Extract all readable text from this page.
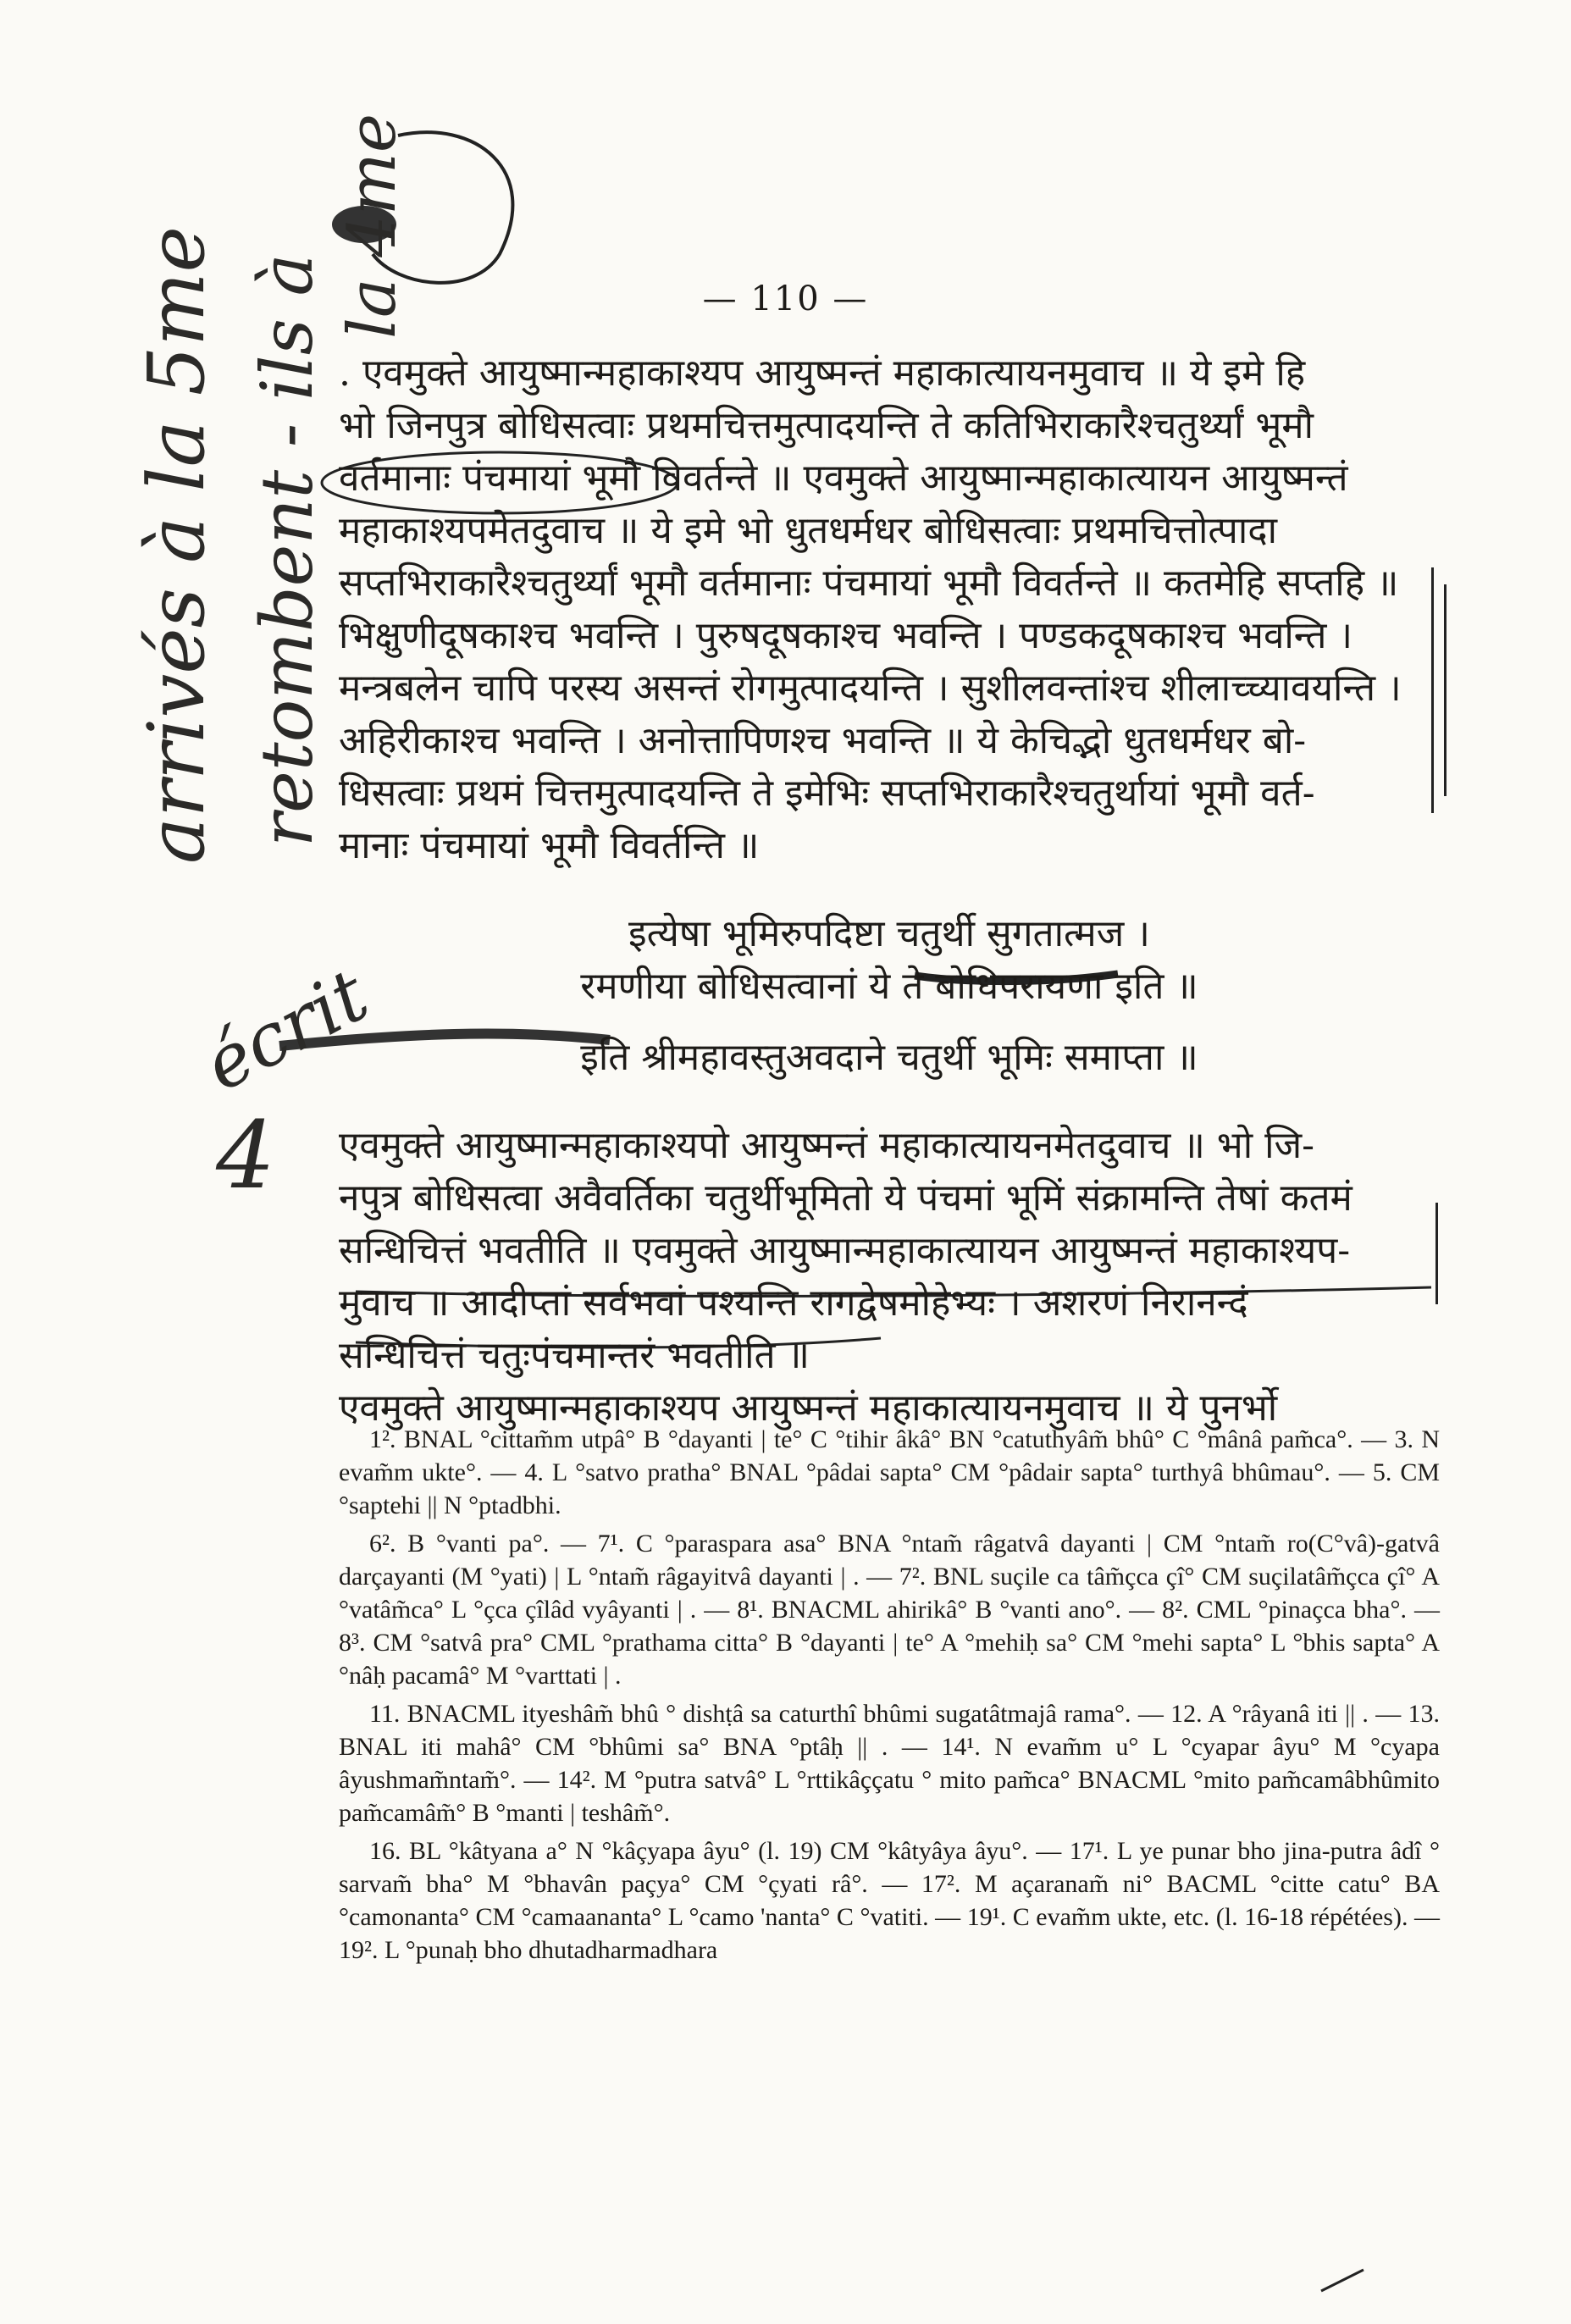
— 110 —
. एवमुक्ते आयुष्मान्महाकाश्यप आयुष्मन्तं महाकात्यायनमुवाच ॥ ये इमे हि
भो जिनपुत्र बोधिसत्वाः प्रथमचित्तमुत्पादयन्ति ते कतिभिराकारैश्चतुर्थ्यां भूमौ
वर्तमानाः पंचमायां भूमौ विवर्तन्ते ॥ एवमुक्ते आयुष्मान्महाकात्यायन आयुष्मन्तं
महाकाश्यपमेतदुवाच ॥ ये इमे भो धुतधर्मधर बोधिसत्वाः प्रथमचित्तोत्पादा
सप्तभिराकारैश्चतुर्थ्यां भूमौ वर्तमानाः पंचमायां भूमौ विवर्तन्ते ॥ कतमेहि सप्तहि ॥
भिक्षुणीदूषकाश्च भवन्ति । पुरुषदूषकाश्च भवन्ति । पण्डकदूषकाश्च भवन्ति ।
मन्त्रबलेन चापि परस्य असन्तं रोगमुत्पादयन्ति । सुशीलवन्तांश्च शीलाच्च्यावयन्ति ।
अहिरीकाश्च भवन्ति । अनोत्तापिणश्च भवन्ति ॥ ये केचिद्भो धुतधर्मधर बो-
धिसत्वाः प्रथमं चित्तमुत्पादयन्ति ते इमेभिः सप्तभिराकारैश्चतुर्थायां भूमौ वर्त-
मानाः पंचमायां भूमौ विवर्तन्ति ॥
इत्येषा भूमिरुपदिष्टा चतुर्थी सुगतात्मज ।
रमणीया बोधिसत्वानां ये ते बोधिपरायणा इति ॥
इति श्रीमहावस्तुअवदाने चतुर्थी भूमिः समाप्ता ॥
एवमुक्ते आयुष्मान्महाकाश्यपो आयुष्मन्तं महाकात्यायनमेतदुवाच ॥ भो जि-
नपुत्र बोधिसत्वा अवैवर्तिका चतुर्थीभूमितो ये पंचमां भूमिं संक्रामन्ति तेषां कतमं
सन्धिचित्तं भवतीति ॥ एवमुक्ते आयुष्मान्महाकात्यायन आयुष्मन्तं महाकाश्यप-
मुवाच ॥ आदीप्तां सर्वभवां पश्यन्ति रागद्वेषमोहेभ्यः । अशरणं निरानन्दं
सन्धिचित्तं चतुःपंचमान्तरं भवतीति ॥
एवमुक्ते आयुष्मान्महाकाश्यप आयुष्मन्तं महाकात्यायनमुवाच ॥ ये पुनर्भो

1². BNAL °cittam̃m utpâ° B °dayanti | te° C °tihir âkâ° BN °catuthyâm̃ bhû° C °mânâ pam̃ca°. — 3. N evam̃m ukte°. — 4. L °satvo pratha° BNAL °pâdai sapta° CM °pâdair sapta° turthyâ bhûmau°. — 5. CM °saptehi || N °ptadbhi.

6². B °vanti pa°. — 7¹. C °paraspara asa° BNA °ntam̃ râgatvâ dayanti | CM °ntam̃ ro(C°vâ)-gatvâ darçayanti (M °yati) | L °ntam̃ râgayitvâ dayanti | . — 7². BNL suçile ca tâm̃çca çî° CM suçilatâm̃çca çî° A °vatâm̃ca° L °çca çîlâd vyâyanti | . — 8¹. BNACML ahirikâ° B °vanti ano°. — 8². CML °pinaçca bha°. — 8³. CM °satvâ pra° CML °prathama citta° B °dayanti | te° A °mehiḥ sa° CM °mehi sapta° L °bhis sapta° A °nâḥ pacamâ° M °varttati | .

11. BNACML ityeshâm̃ bhû ° dishṭâ sa caturthî bhûmi sugatâtmajâ rama°. — 12. A °râyanâ iti || . — 13. BNAL iti mahâ° CM °bhûmi sa° BNA °ptâḥ || . — 14¹. N evam̃m u° L °cyapar âyu° M °cyapa âyushmam̃ntam̃°. — 14². M °putra satvâ° L °rttikâççatu ° mito pam̃ca° BNACML °mito pam̃camâbhûmito pam̃camâm̃° B °manti | teshâm̃°.

16. BL °kâtyana a° N °kâçyapa âyu° (l. 19) CM °kâtyâya âyu°. — 17¹. L ye punar bho jina-putra âdî ° sarvam̃ bha° M °bhavân paçya° CM °çyati râ°. — 17². M açaranam̃ ni° BACML °citte catu° BA °camonanta° CM °camaananta° L °camo 'nanta° C °vatiti. — 19¹. C evam̃m ukte, etc. (l. 16-18 répétées). — 19². L °punaḥ bho dhutadharmadhara

arrivés à la 5me retombent - ils à
la 4me
écrit
4
